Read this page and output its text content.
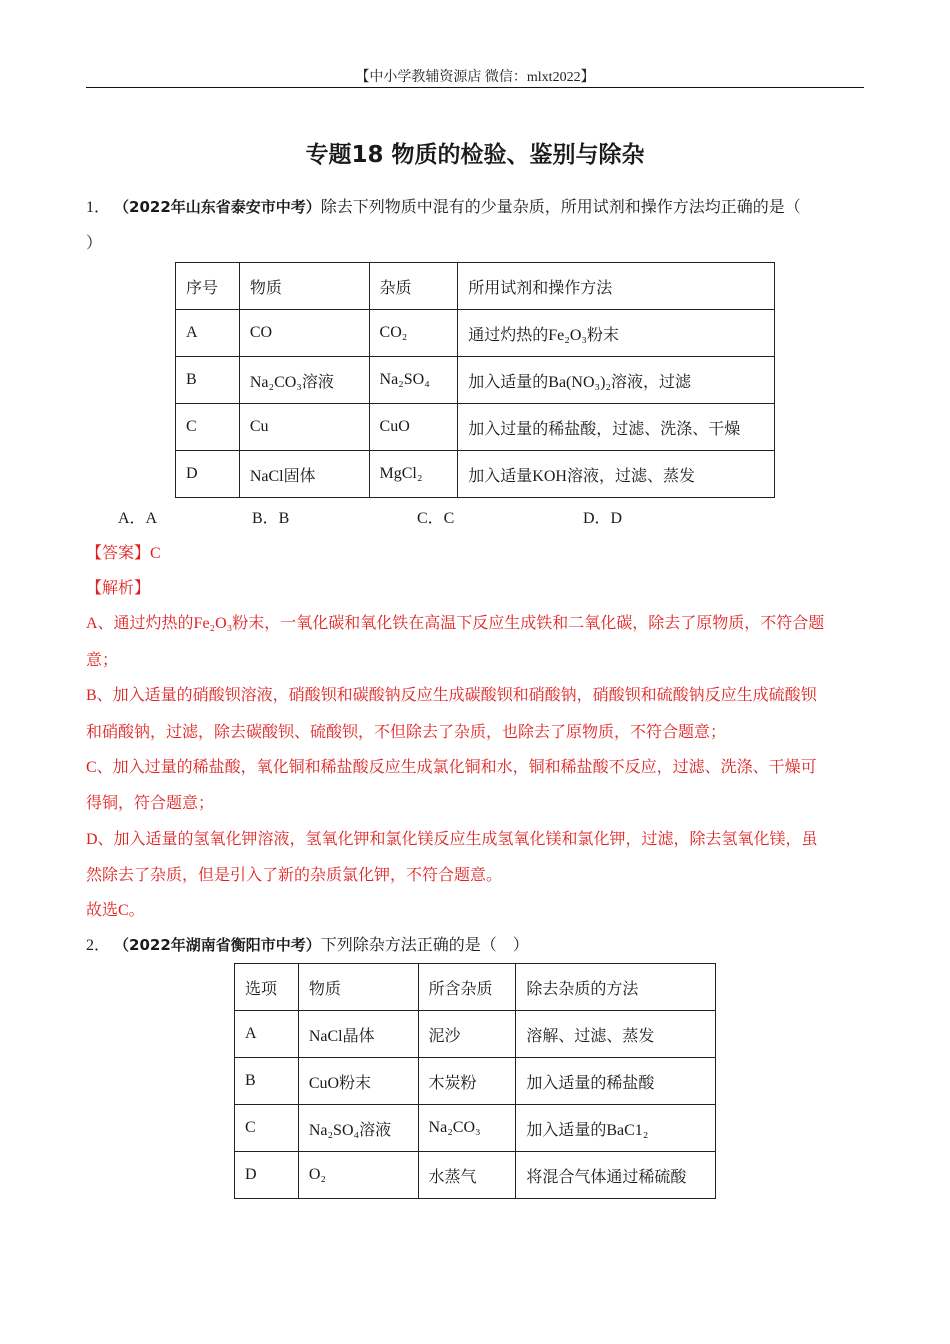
【中小学教辅资源店 微信：mlxt2022】
专题18 物质的检验、鉴别与除杂
1． （2022年山东省泰安市中考）除去下列物质中混有的少量杂质，所用试剂和操作方法均正确的是（
）
序号	物质	杂质	所用试剂和操作方法
A	CO	CO₂	通过灼热的Fe₂O₃粉末
B	Na₂CO₃溶液	Na₂SO₄	加入适量的Ba(NO₃)₂溶液，过滤
C	Cu	CuO	加入过量的稀盐酸，过滤、洗涤、干燥
D	NaCl固体	MgCl₂	加入适量KOH溶液，过滤、蒸发
A．A	B．B	C．C	D．D
【答案】C
【解析】
A、通过灼热的Fe₂O₃粉末，一氧化碳和氧化铁在高温下反应生成铁和二氧化碳，除去了原物质，不符合题
意；
B、加入适量的硝酸钡溶液，硝酸钡和碳酸钠反应生成碳酸钡和硝酸钠，硝酸钡和硫酸钠反应生成硫酸钡
和硝酸钠，过滤，除去碳酸钡、硫酸钡，不但除去了杂质，也除去了原物质，不符合题意；
C、加入过量的稀盐酸，氧化铜和稀盐酸反应生成氯化铜和水，铜和稀盐酸不反应，过滤、洗涤、干燥可
得铜，符合题意；
D、加入适量的氢氧化钾溶液，氢氧化钾和氯化镁反应生成氢氧化镁和氯化钾，过滤，除去氢氧化镁，虽
然除去了杂质，但是引入了新的杂质氯化钾，不符合题意。
故选C。
2． （2022年湖南省衡阳市中考）下列除杂方法正确的是（　）
选项	物质	所含杂质	除去杂质的方法
A	NaCl晶体	泥沙	溶解、过滤、蒸发
B	CuO粉末	木炭粉	加入适量的稀盐酸
C	Na₂SO₄溶液	Na₂CO₃	加入适量的BaC1₂
D	O₂	水蒸气	将混合气体通过稀硫酸
